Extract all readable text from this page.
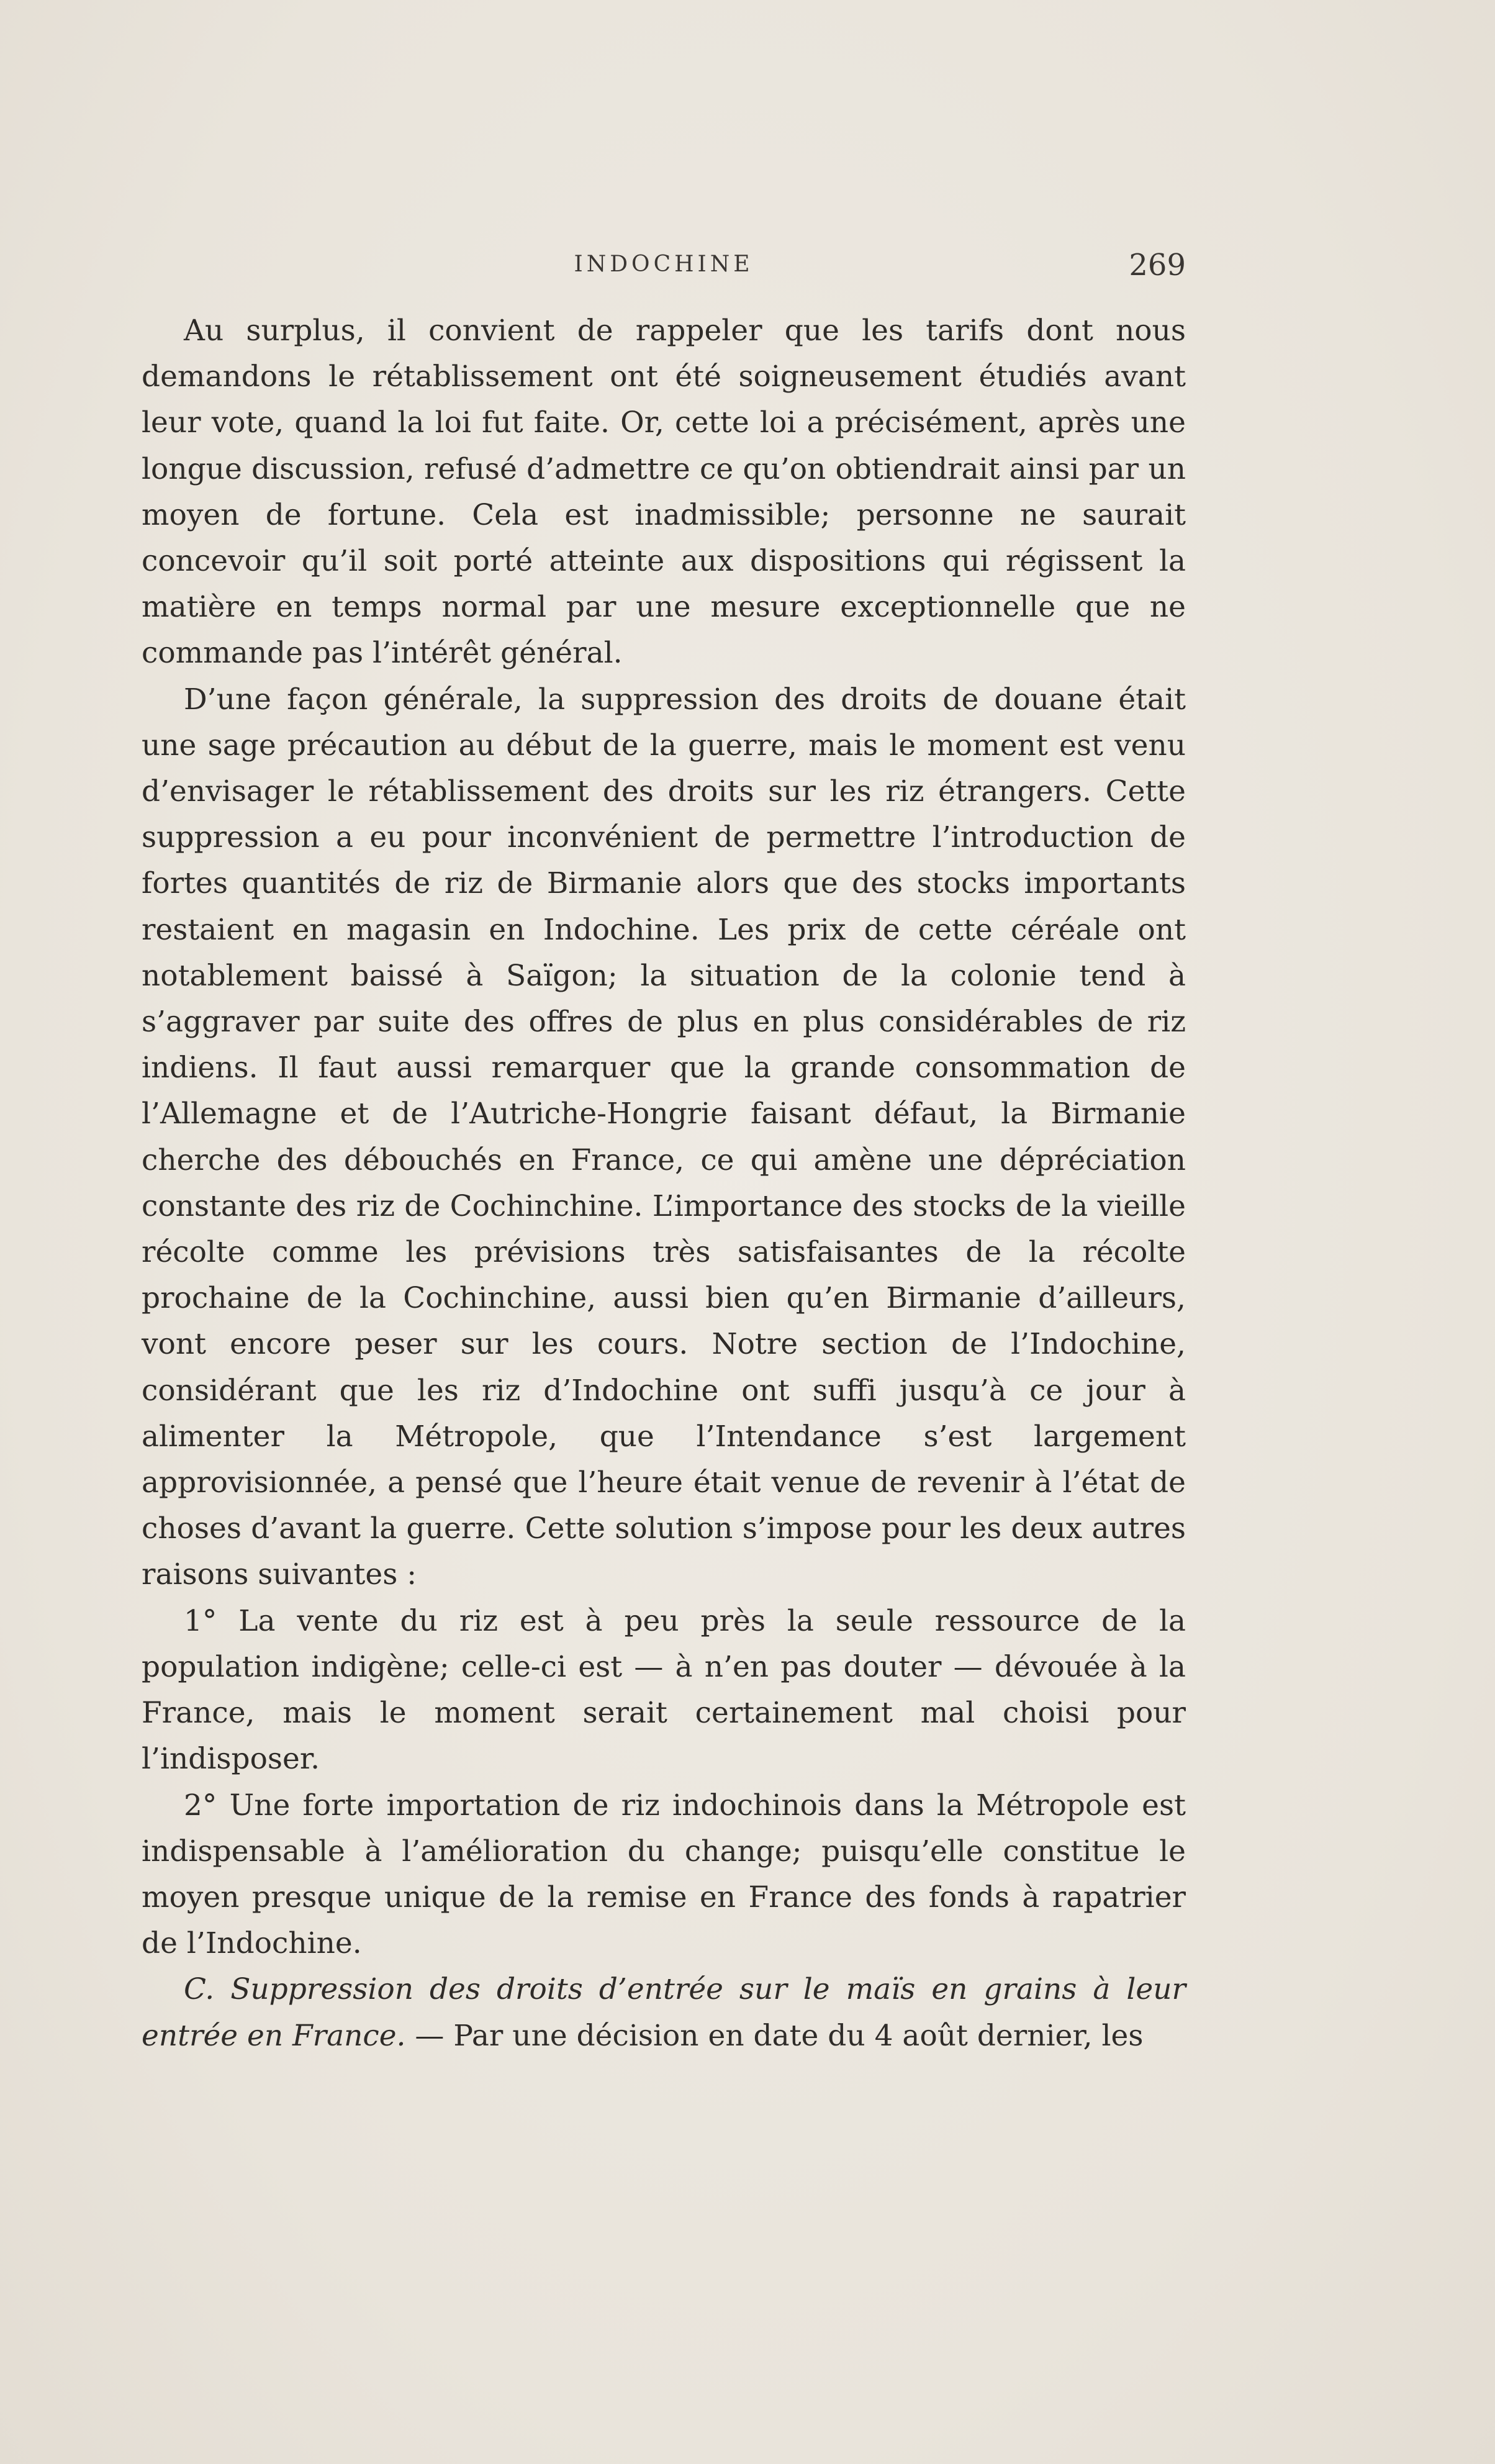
INDOCHINE	269

Au surplus, il convient de rappeler que les tarifs dont nous demandons le rétablissement ont été soigneusement étudiés avant leur vote, quand la loi fut faite. Or, cette loi a précisément, après une longue discussion, refusé d’admettre ce qu’on obtiendrait ainsi par un moyen de fortune. Cela est inadmissible; personne ne saurait concevoir qu’il soit porté atteinte aux dispositions qui régissent la matière en temps normal par une mesure exceptionnelle que ne commande pas l’intérêt général.

D’une façon générale, la suppression des droits de douane était une sage précaution au début de la guerre, mais le moment est venu d’envisager le rétablissement des droits sur les riz étrangers. Cette suppression a eu pour inconvénient de permettre l’introduction de fortes quantités de riz de Birmanie alors que des stocks importants restaient en magasin en Indochine. Les prix de cette céréale ont notablement baissé à Saïgon; la situation de la colonie tend à s’aggraver par suite des offres de plus en plus considérables de riz indiens. Il faut aussi remarquer que la grande consommation de l’Allemagne et de l’Autriche-Hongrie faisant défaut, la Birmanie cherche des débouchés en France, ce qui amène une dépréciation constante des riz de Cochinchine. L’importance des stocks de la vieille récolte comme les prévisions très satisfaisantes de la récolte prochaine de la Cochinchine, aussi bien qu’en Birmanie d’ailleurs, vont encore peser sur les cours. Notre section de l’Indochine, considérant que les riz d’Indochine ont suffi jusqu’à ce jour à alimenter la Métropole, que l’Intendance s’est largement approvisionnée, a pensé que l’heure était venue de revenir à l’état de choses d’avant la guerre. Cette solution s’impose pour les deux autres raisons suivantes :

1° La vente du riz est à peu près la seule ressource de la population indigène; celle-ci est — à n’en pas douter — dévouée à la France, mais le moment serait certainement mal choisi pour l’indisposer.

2° Une forte importation de riz indochinois dans la Métropole est indispensable à l’amélioration du change; puisqu’elle constitue le moyen presque unique de la remise en France des fonds à rapatrier de l’Indochine.

C. Suppression des droits d’entrée sur le maïs en grains à leur entrée en France. — Par une décision en date du 4 août dernier, les
